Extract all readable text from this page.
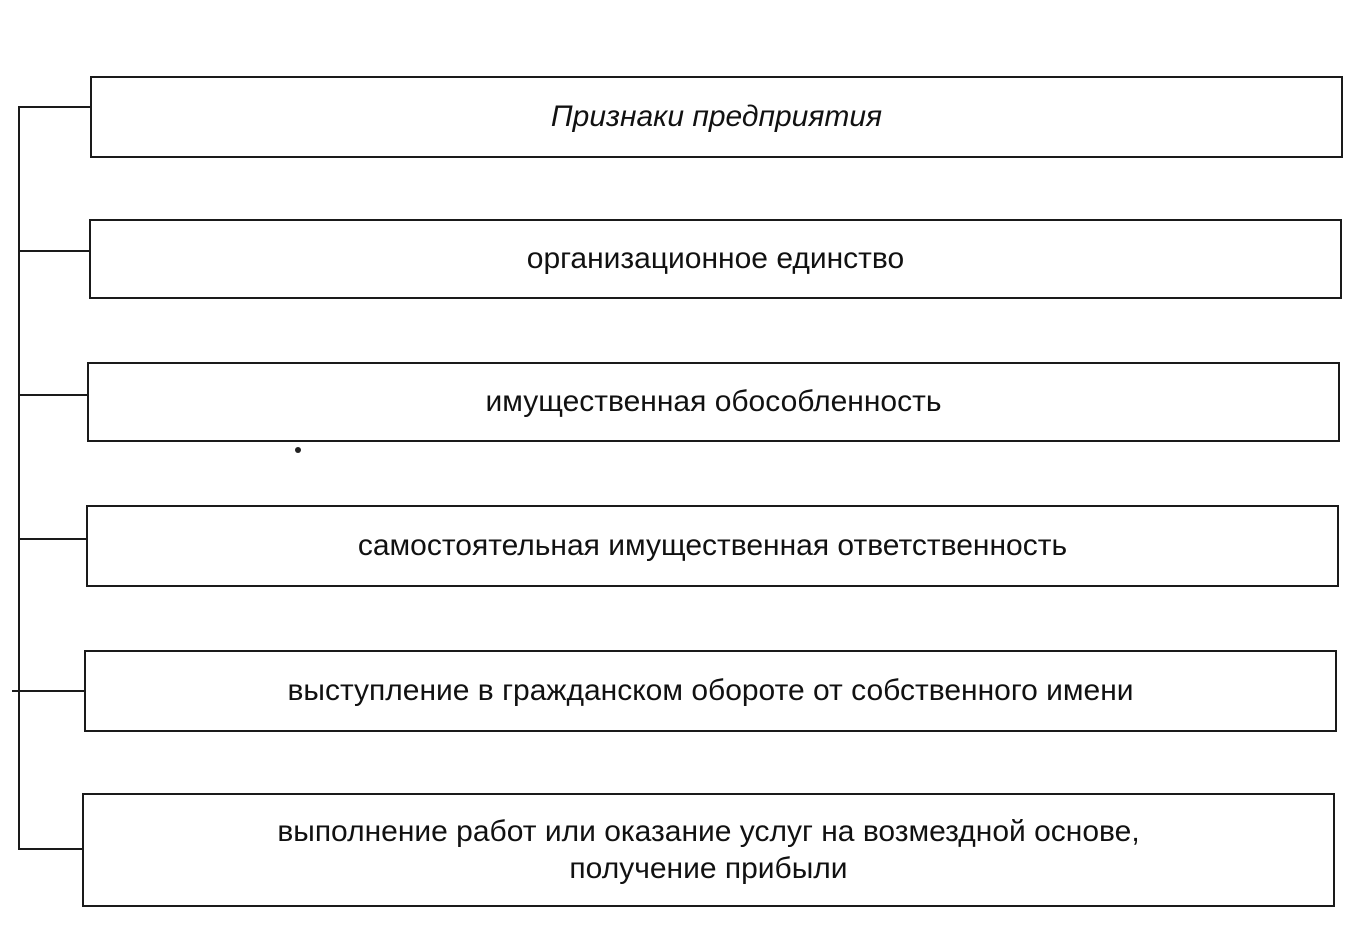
Признаки предприятия
организационное единство
имущественная обособленность
самостоятельная имущественная ответственность
выступление в гражданском обороте от собственного имени
выполнение работ или оказание услуг на возмездной основе,
получение прибыли
